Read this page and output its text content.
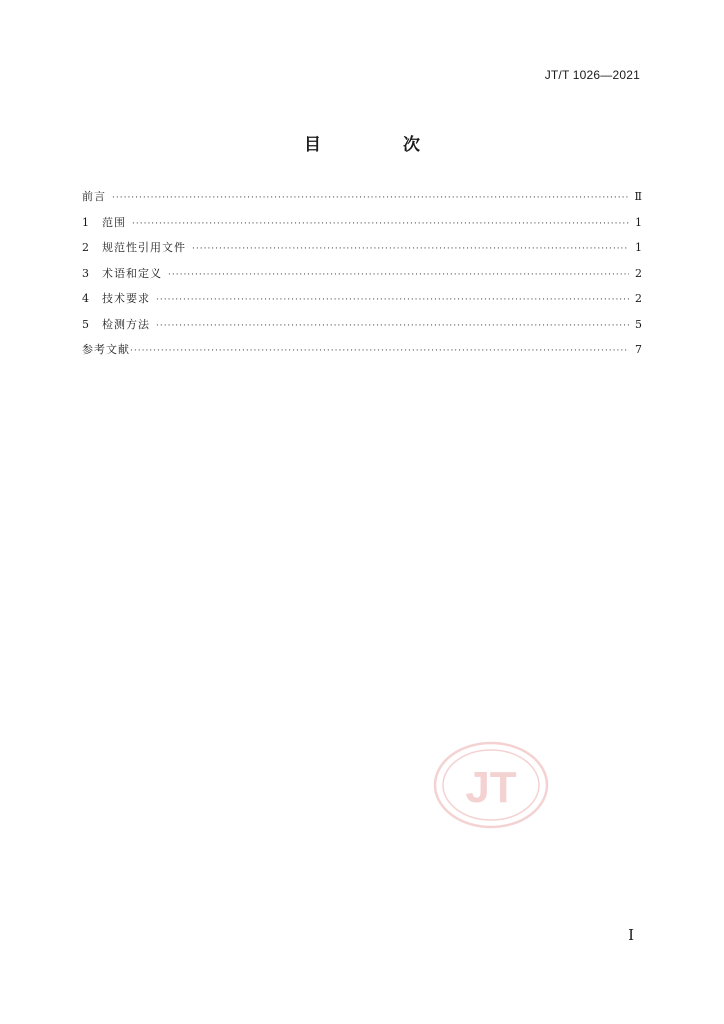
JT/T 1026—2021
目 次
前言 ·····	Ⅱ
1	范围 ·····	1
2	规范性引用文件 ·····	1
3	术语和定义 ·····	2
4	技术要求 ·····	2
5	检测方法 ·····	5
参考文献 ·····	7
JT
I
